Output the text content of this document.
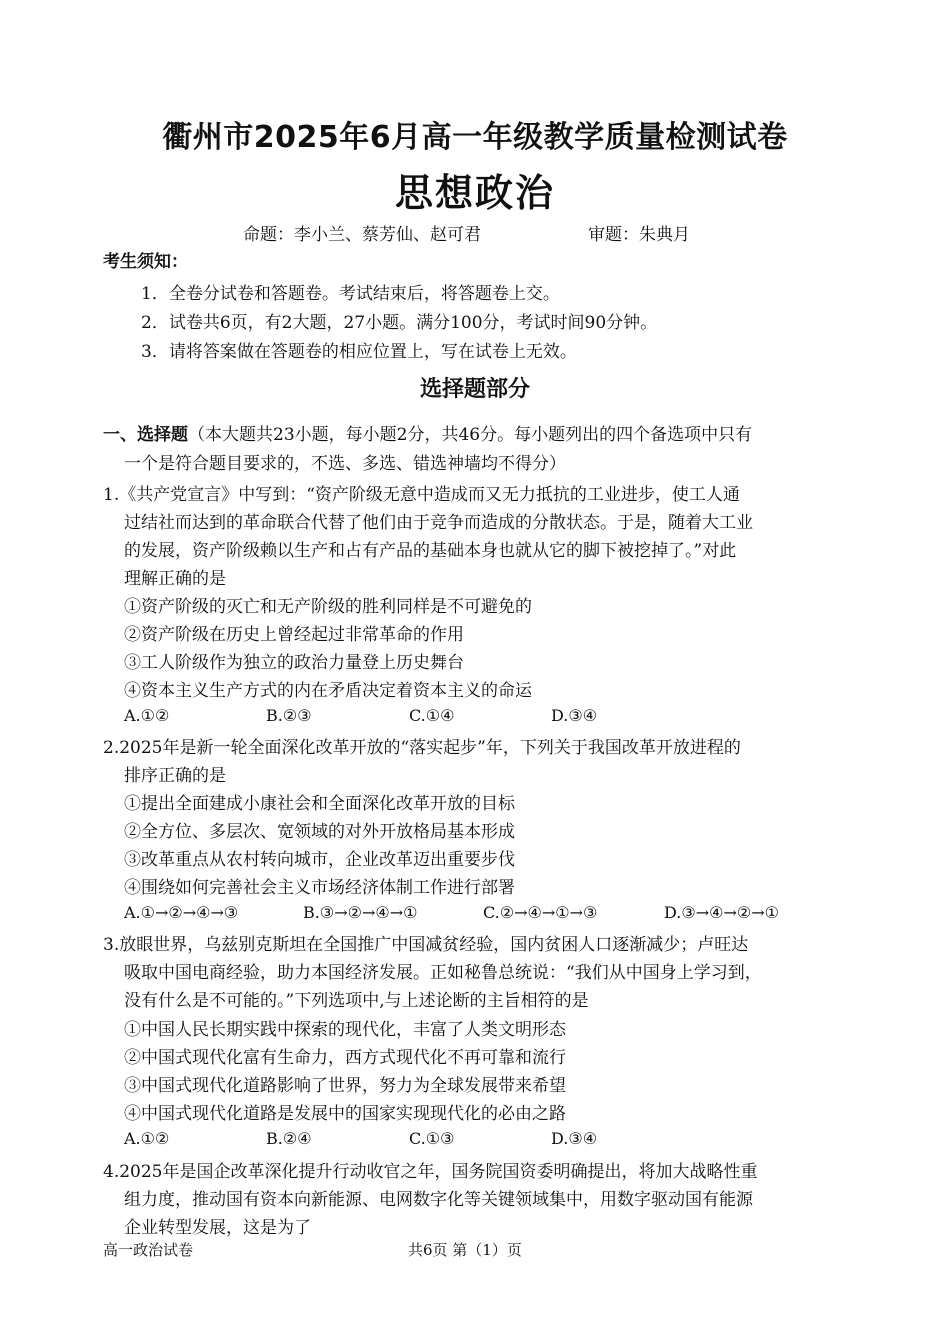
衢州市2025年6月高一年级教学质量检测试卷
思想政治
命题：李小兰、蔡芳仙、赵可君	审题：朱典月
考生须知：
1．全卷分试卷和答题卷。考试结束后，将答题卷上交。
2．试卷共6页，有2大题，27小题。满分100分，考试时间90分钟。
3．请将答案做在答题卷的相应位置上，写在试卷上无效。
选择题部分
一、选择题（本大题共23小题，每小题2分，共46分。每小题列出的四个备选项中只有
一个是符合题目要求的，不选、多选、错选神墙均不得分）
1.《共产党宣言》中写到：“资产阶级无意中造成而又无力抵抗的工业进步，使工人通
过结社而达到的革命联合代替了他们由于竞争而造成的分散状态。于是，随着大工业
的发展，资产阶级赖以生产和占有产品的基础本身也就从它的脚下被挖掉了。”对此
理解正确的是
①资产阶级的灭亡和无产阶级的胜利同样是不可避免的
②资产阶级在历史上曾经起过非常革命的作用
③工人阶级作为独立的政治力量登上历史舞台
④资本主义生产方式的内在矛盾决定着资本主义的命运
A.①②	B.②③	C.①④	D.③④
2.2025年是新一轮全面深化改革开放的“落实起步”年，下列关于我国改革开放进程的
排序正确的是
①提出全面建成小康社会和全面深化改革开放的目标
②全方位、多层次、宽领域的对外开放格局基本形成
③改革重点从农村转向城市，企业改革迈出重要步伐
④围绕如何完善社会主义市场经济体制工作进行部署
A.①→②→④→③	B.③→②→④→①	C.②→④→①→③	D.③→④→②→①
3.放眼世界，乌兹别克斯坦在全国推广中国减贫经验，国内贫困人口逐渐减少；卢旺达
吸取中国电商经验，助力本国经济发展。正如秘鲁总统说：“我们从中国身上学习到，
没有什么是不可能的。”下列选项中,与上述论断的主旨相符的是
①中国人民长期实践中探索的现代化，丰富了人类文明形态
②中国式现代化富有生命力，西方式现代化不再可靠和流行
③中国式现代化道路影响了世界，努力为全球发展带来希望
④中国式现代化道路是发展中的国家实现现代化的必由之路
A.①②	B.②④	C.①③	D.③④
4.2025年是国企改革深化提升行动收官之年，国务院国资委明确提出，将加大战略性重
组力度，推动国有资本向新能源、电网数字化等关键领域集中，用数字驱动国有能源
企业转型发展，这是为了
高一政治试卷	共6页 第（1）页
